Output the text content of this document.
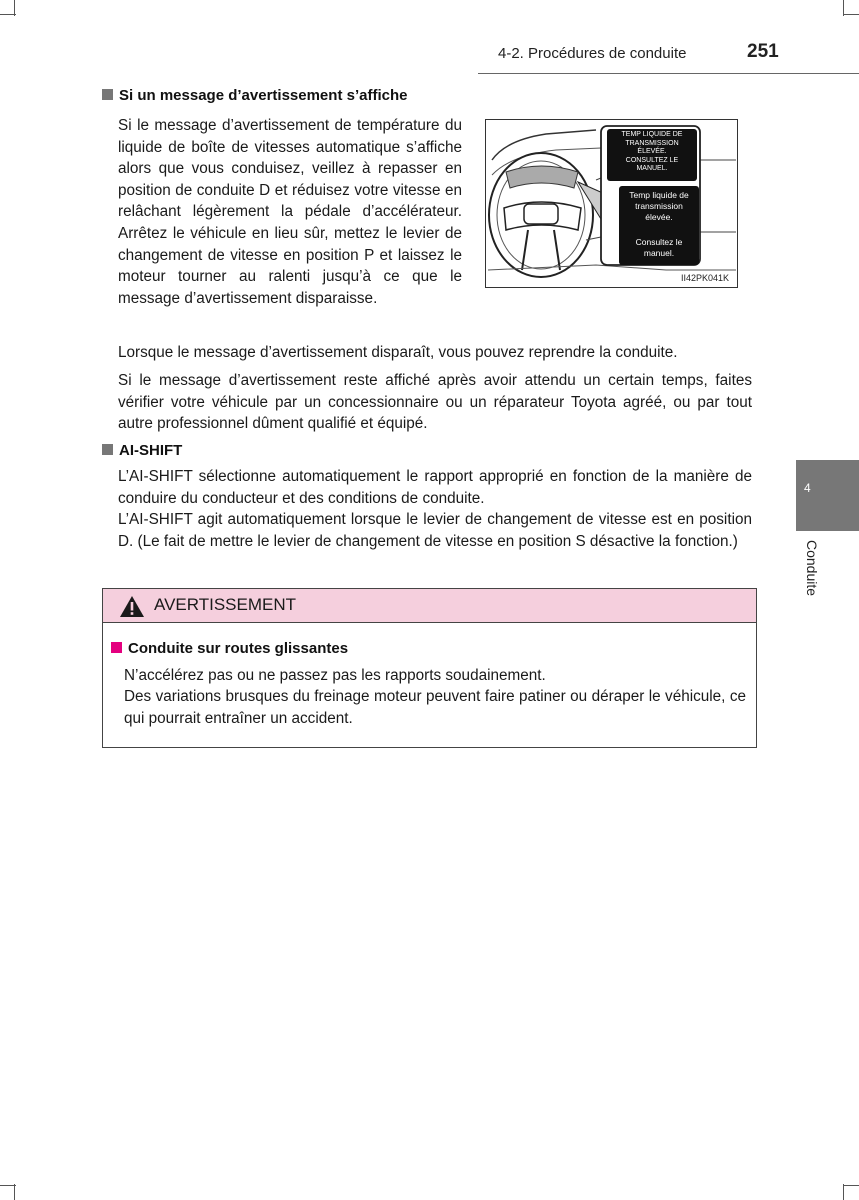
4-2. Procédures de conduite	251
Si un message d’avertissement s’affiche

Si le message d’avertissement de température du liquide de boîte de vitesses automatique s’affiche alors que vous conduisez, veillez à repasser en position de conduite D et réduisez votre vitesse en relâchant légèrement la pédale d’accélérateur. Arrêtez le véhicule en lieu sûr, mettez le levier de changement de vitesse en position P et laissez le moteur tourner au ralenti jusqu’à ce que le message d’avertissement disparaisse.

TEMP LIQUIDE DE
TRANSMISSION
ÉLEVÉE.
CONSULTEZ LE
MANUEL.
Temp liquide de
transmission
élevée.
Consultez le
manuel.
II42PK041K

Lorsque le message d’avertissement disparaît, vous pouvez reprendre la conduite.

Si le message d’avertissement reste affiché après avoir attendu un certain temps, faites vérifier votre véhicule par un concessionnaire ou un réparateur Toyota agréé, ou par tout autre professionnel dûment qualifié et équipé.

AI-SHIFT

L’AI-SHIFT sélectionne automatiquement le rapport approprié en fonction de la manière de conduire du conducteur et des conditions de conduite.

L’AI-SHIFT agit automatiquement lorsque le levier de changement de vitesse est en position D. (Le fait de mettre le levier de changement de vitesse en position S désactive la fonction.)

4
Conduite
AVERTISSEMENT
Conduite sur routes glissantes

N’accélérez pas ou ne passez pas les rapports soudainement.

Des variations brusques du freinage moteur peuvent faire patiner ou déraper le véhicule, ce qui pourrait entraîner un accident.
